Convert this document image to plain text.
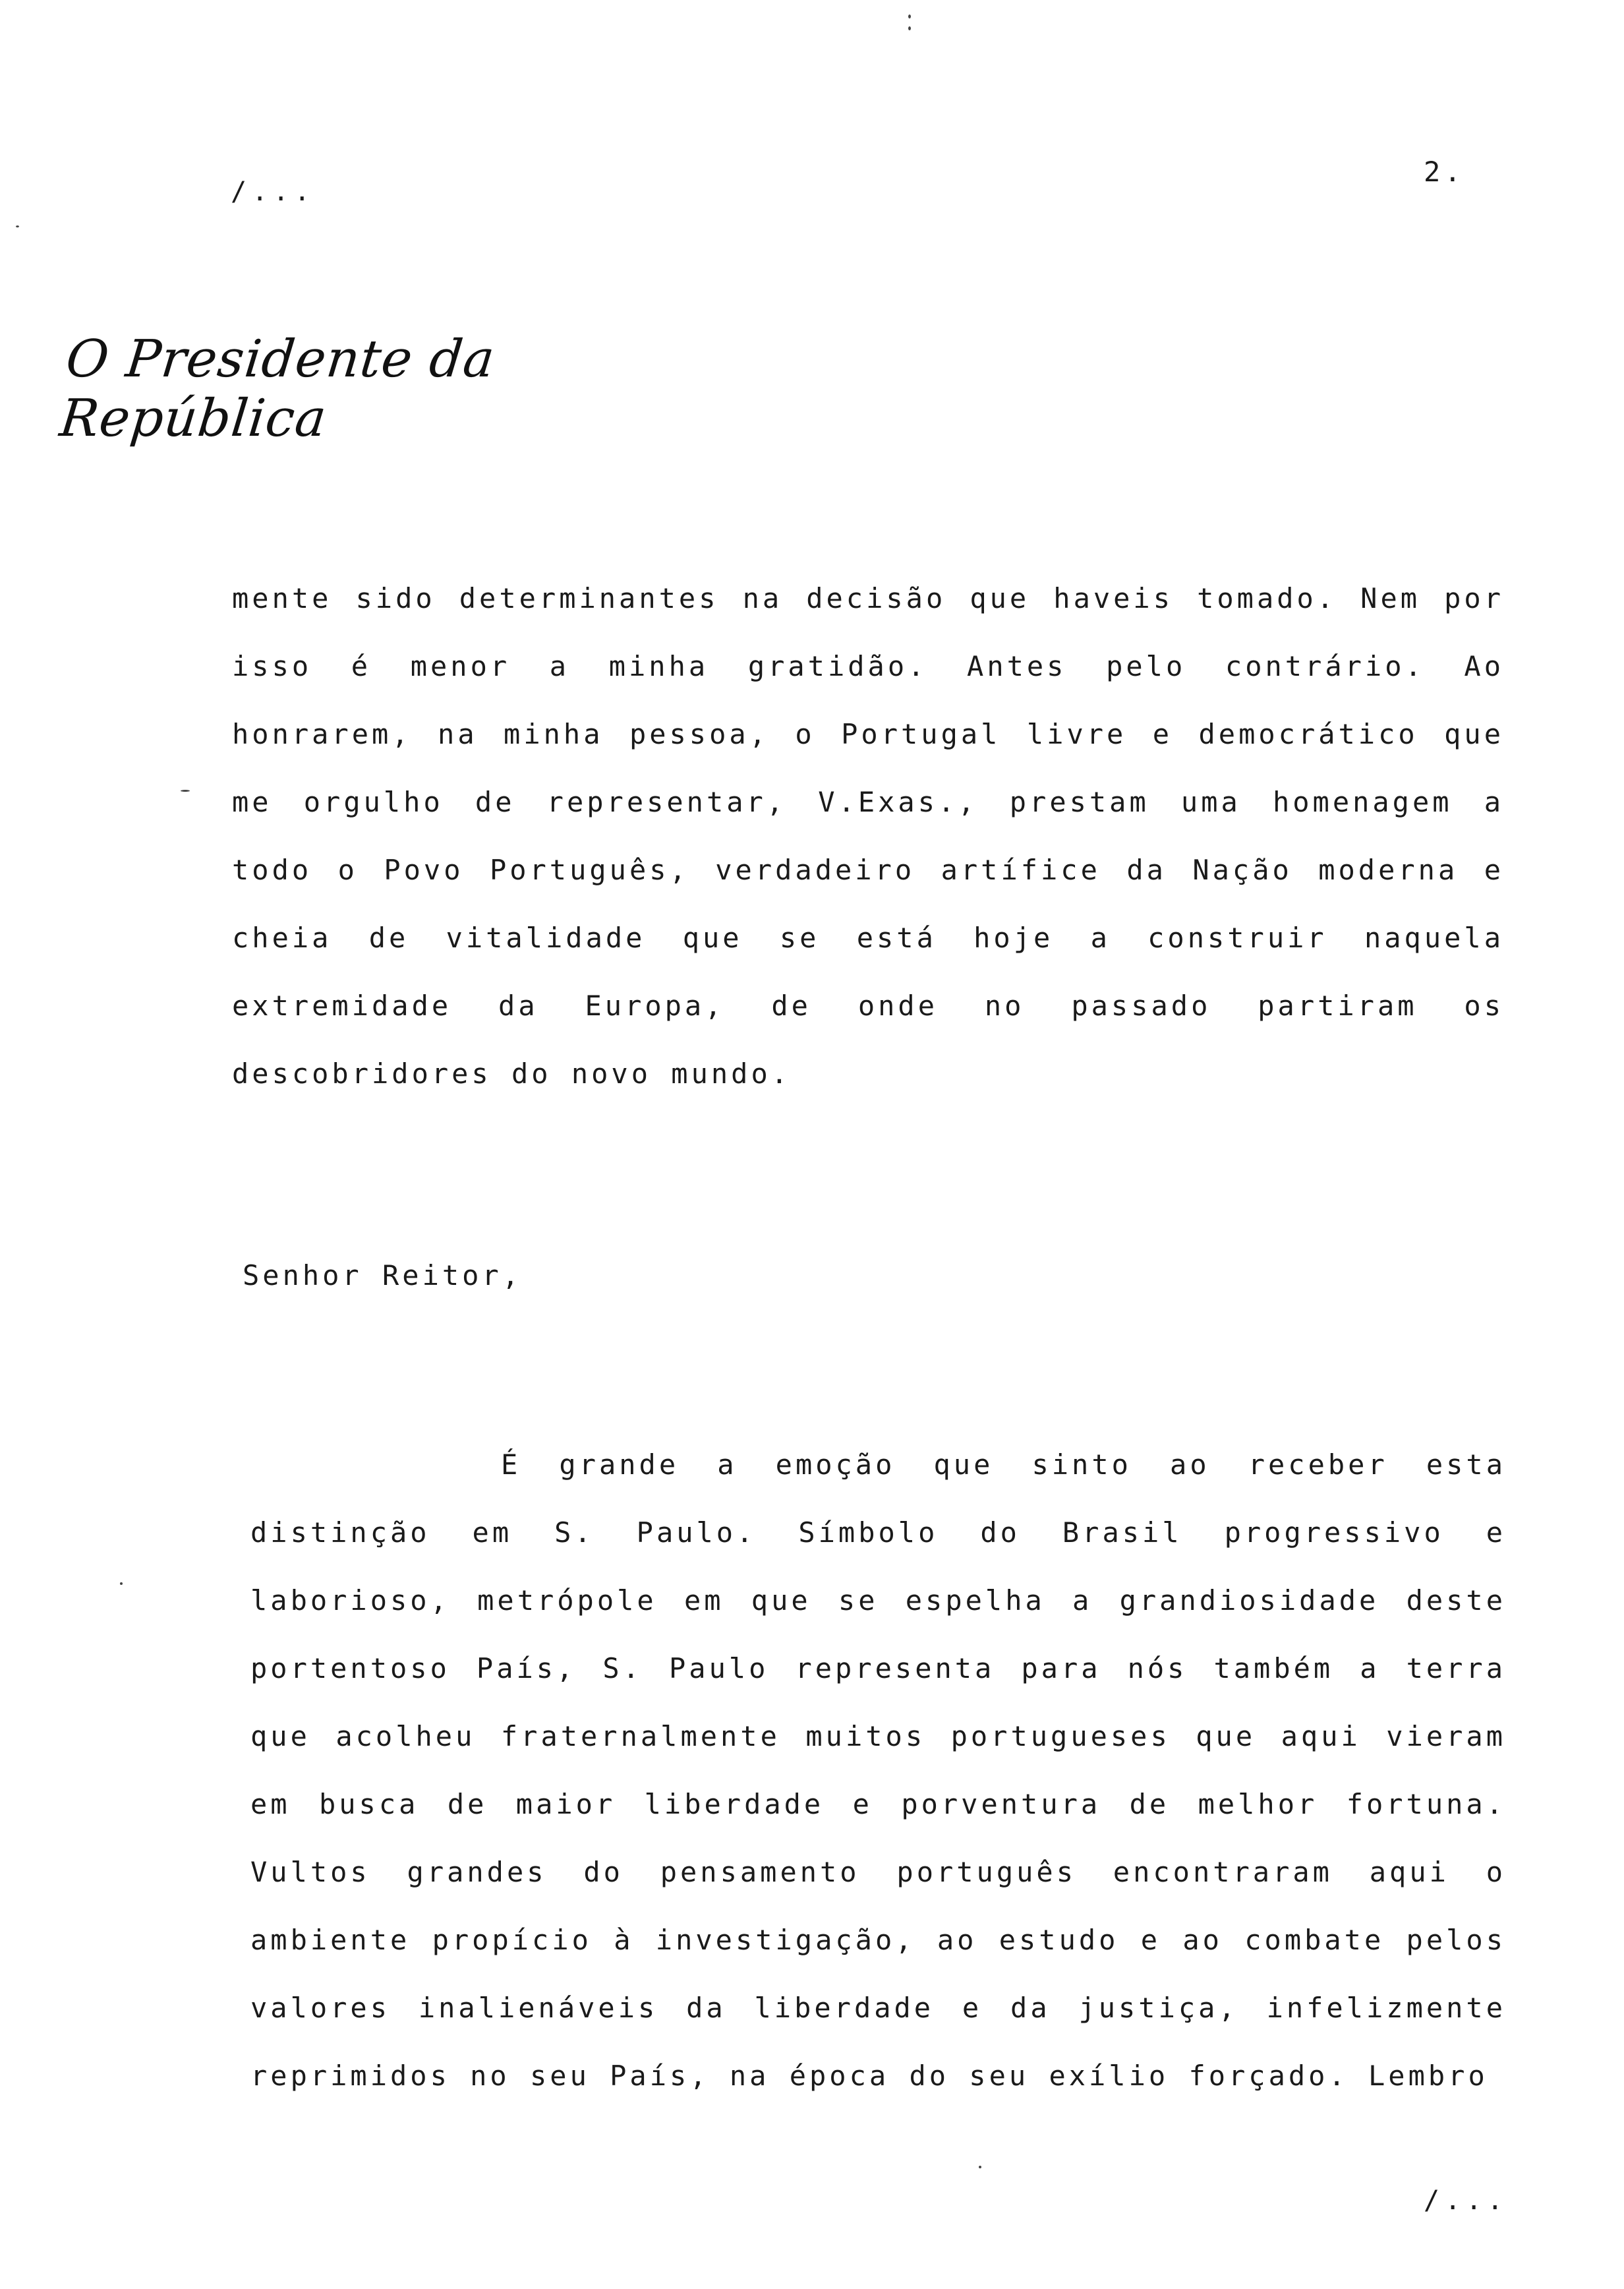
/...
2.
O Presidente da República

mente sido determinantes na decisão que haveis tomado. Nem por isso é menor a minha gratidão. Antes pelo contrário. Ao honrarem, na minha pessoa, o Portugal livre e democrático que me orgulho de representar, V.Exas., prestam uma homenagem a todo o Povo Português, verdadeiro artífice da Nação moderna e cheia de vitalidade que se está hoje a construir naquela extremidade da Europa, de onde no passado partiram os descobridores do novo mundo.

Senhor Reitor,

É grande a emoção que sinto ao receber esta distinção em S. Paulo. Símbolo do Brasil progressivo e laborioso, metrópole em que se espelha a grandiosidade deste portentoso País, S. Paulo representa para nós também a terra que acolheu fraternalmente muitos portugueses que aqui vieram em busca de maior liberdade e porventura de melhor fortuna. Vultos grandes do pensamento português encontraram aqui o ambiente propício à investigação, ao estudo e ao combate pelos valores inalienáveis da liberdade e da justiça, infelizmente reprimidos no seu País, na época do seu exílio forçado. Lembro

/...
